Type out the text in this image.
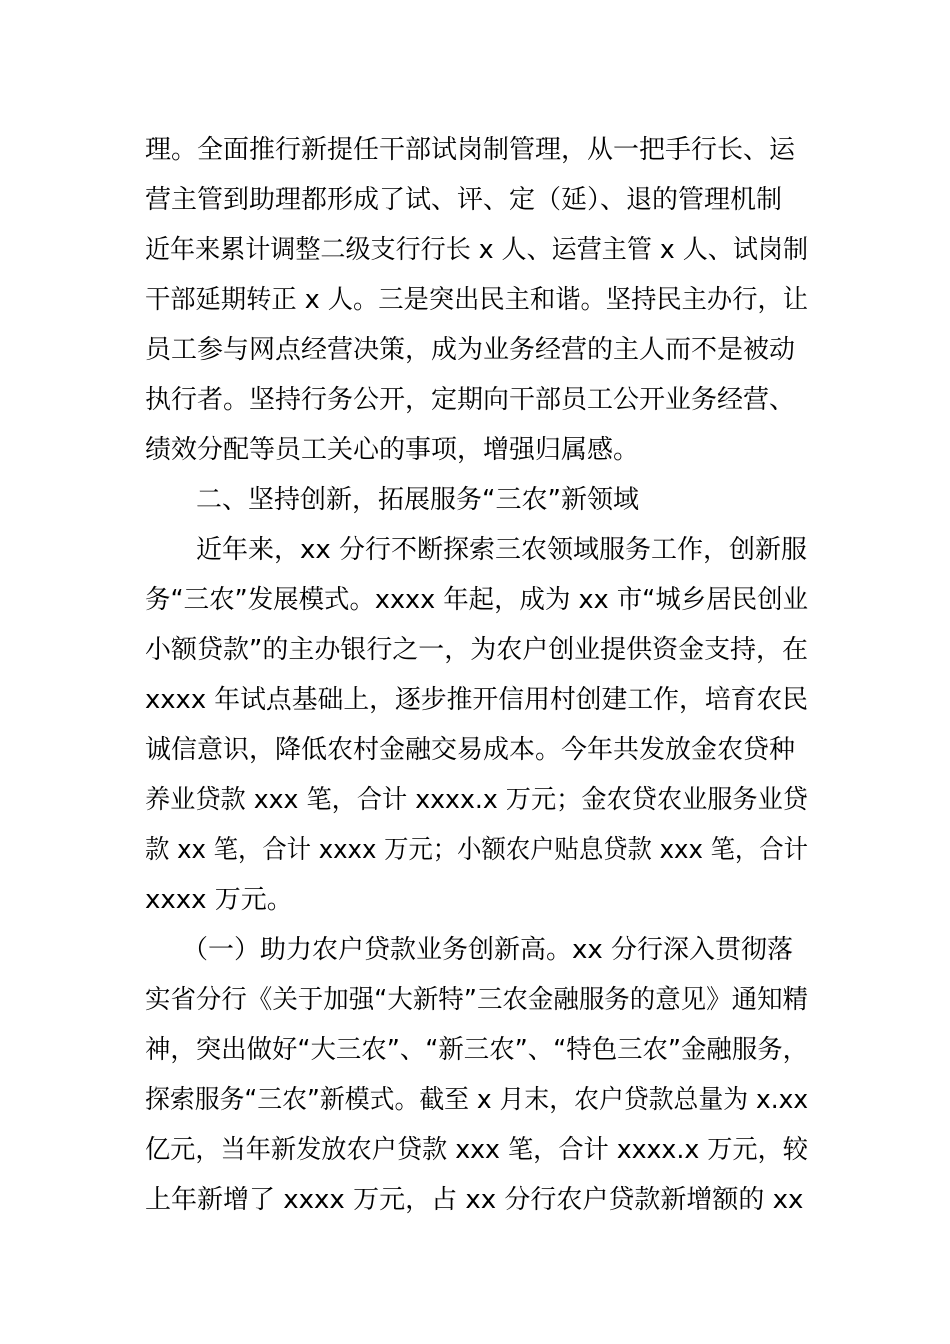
理。全面推行新提任干部试岗制管理，从一把手行长、运
营主管到助理都形成了试、评、定（延）、退的管理机制
近年来累计调整二级支行行长 x 人、运营主管 x 人、试岗制
干部延期转正 x 人。三是突出民主和谐。坚持民主办行，让
员工参与网点经营决策，成为业务经营的主人而不是被动
执行者。坚持行务公开，定期向干部员工公开业务经营、
绩效分配等员工关心的事项，增强归属感。
二、坚持创新，拓展服务“三农”新领域
近年来，xx 分行不断探索三农领域服务工作，创新服
务“三农”发展模式。xxxx 年起，成为 xx 市“城乡居民创业
小额贷款”的主办银行之一，为农户创业提供资金支持，在
xxxx 年试点基础上，逐步推开信用村创建工作，培育农民
诚信意识，降低农村金融交易成本。今年共发放金农贷种
养业贷款 xxx 笔，合计 xxxx.x 万元；金农贷农业服务业贷
款 xx 笔，合计 xxxx 万元；小额农户贴息贷款 xxx 笔，合计
xxxx 万元。
（一）助力农户贷款业务创新高。xx 分行深入贯彻落
实省分行《关于加强“大新特”三农金融服务的意见》通知精
神，突出做好“大三农”、“新三农”、“特色三农”金融服务，
探索服务“三农”新模式。截至 x 月末，农户贷款总量为 x.xx
亿元，当年新发放农户贷款 xxx 笔，合计 xxxx.x 万元，较
上年新增了 xxxx 万元，占 xx 分行农户贷款新增额的 xx
